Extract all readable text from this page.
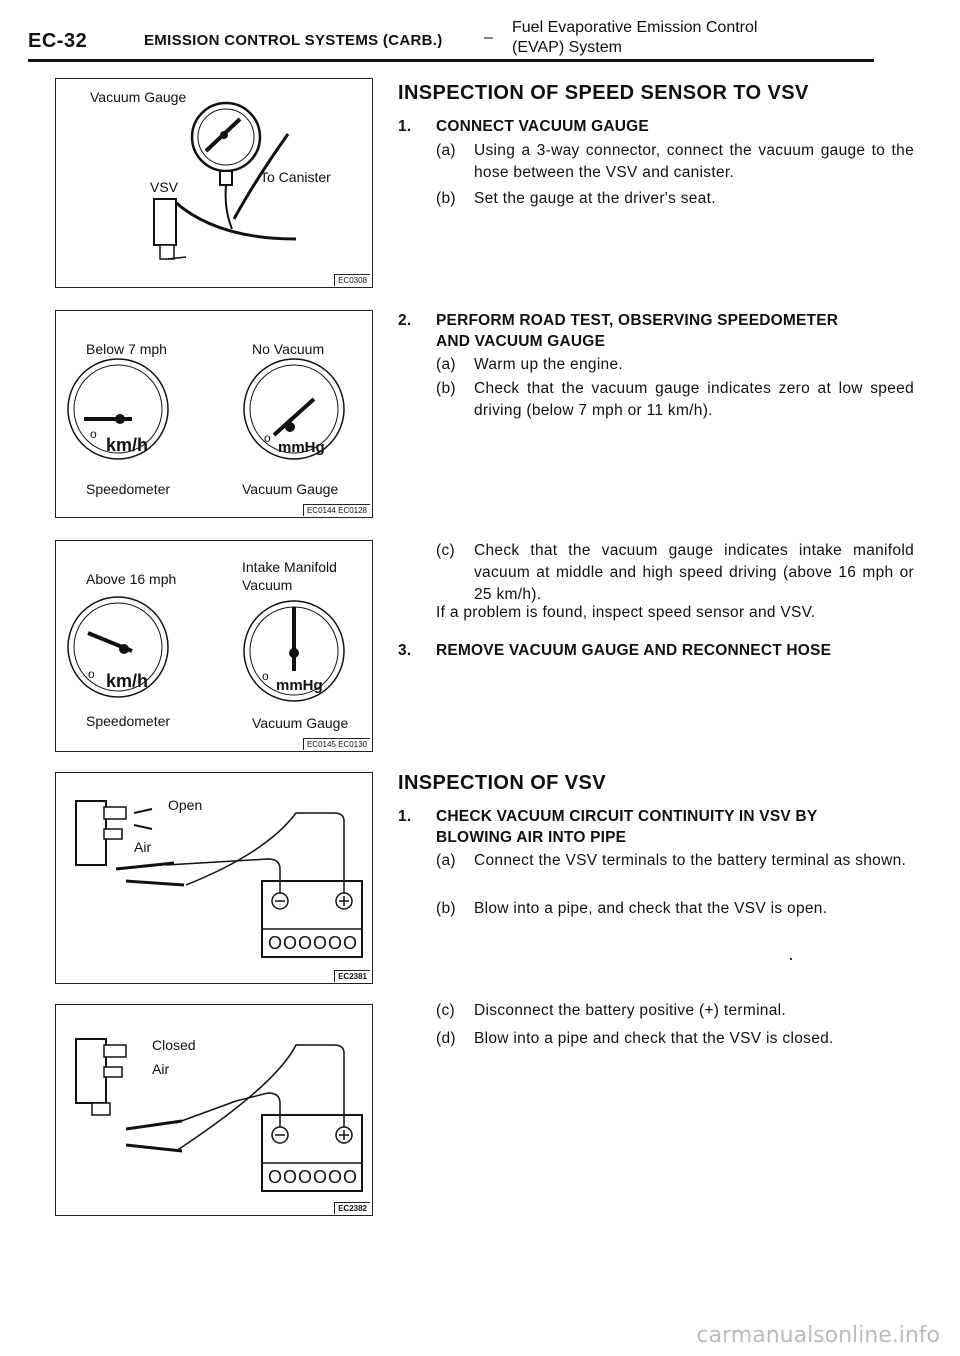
EC-32	EMISSION CONTROL SYSTEMS (CARB.)	–
Fuel Evaporative Emission Control
(EVAP) System
Vacuum Gauge
VSV
To Canister
EC0308
Below 7 mph	No Vacuum
o
km/h	o
mmHg
Speedometer	Vacuum Gauge
EC0144 EC0128
Above 16 mph
Intake Manifold
Vacuum
o km/h	o
mmHg
Speedometer	Vacuum Gauge
EC0145 EC0130
Open
Air
OOOOOO
EC2381
Closed
Air
OOOOOO
EC2382
INSPECTION OF SPEED SENSOR TO VSV
1. CONNECT VACUUM GAUGE
(a) Using a 3-way connector, connect the vacuum gauge to the hose between the VSV and canister.
(b) Set the gauge at the driver's seat.
2. PERFORM ROAD TEST, OBSERVING SPEEDOMETER AND VACUUM GAUGE
(a) Warm up the engine.
(b) Check that the vacuum gauge indicates zero at low speed driving (below 7 mph or 11 km/h).
(c) Check that the vacuum gauge indicates intake manifold vacuum at middle and high speed driving (above 16 mph or 25 km/h).
If a problem is found, inspect speed sensor and VSV.
3. REMOVE VACUUM GAUGE AND RECONNECT HOSE
INSPECTION OF VSV
1. CHECK VACUUM CIRCUIT CONTINUITY IN VSV BY BLOWING AIR INTO PIPE
(a) Connect the VSV terminals to the battery terminal as shown.
(b) Blow into a pipe, and check that the VSV is open.
(c) Disconnect the battery positive (+) terminal.
(d) Blow into a pipe and check that the VSV is closed.
carmanualsonline.info
